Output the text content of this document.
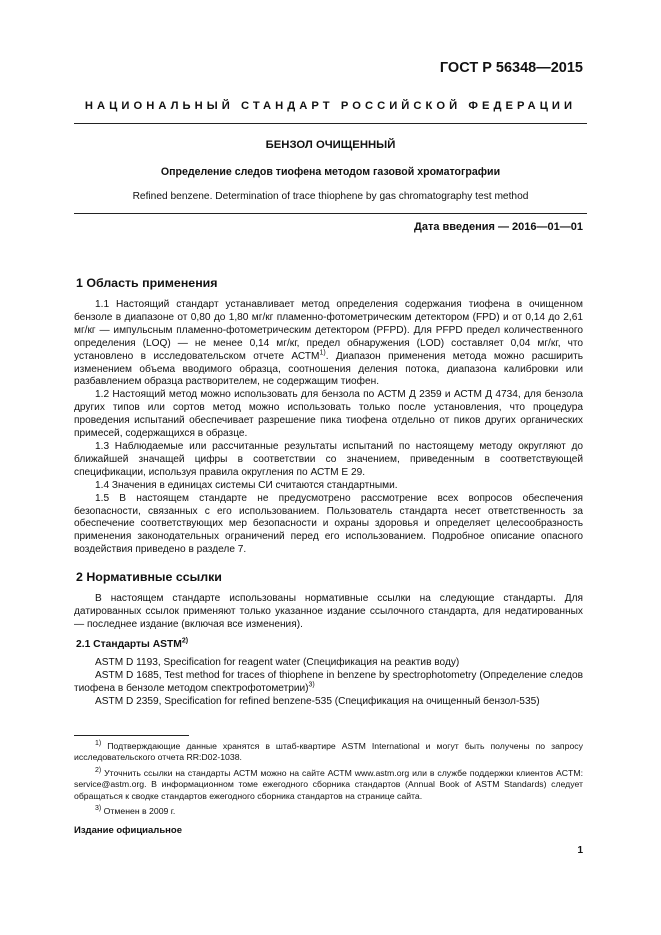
ГОСТ Р 56348—2015
НАЦИОНАЛЬНЫЙ СТАНДАРТ РОССИЙСКОЙ ФЕДЕРАЦИИ
БЕНЗОЛ ОЧИЩЕННЫЙ
Определение следов тиофена методом газовой хроматографии
Refined benzene. Determination of trace thiophene by gas chromatography test method
Дата введения — 2016—01—01
1 Область применения

1.1 Настоящий стандарт устанавливает метод определения содержания тиофена в очищенном бензоле в диапазоне от 0,80 до 1,80 мг/кг пламенно-фотометрическим детектором (FPD) и от 0,14 до 2,61 мг/кг — импульсным пламенно-фотометрическим детектором (PFPD). Для PFPD предел количественного определения (LOQ) — не менее 0,14 мг/кг, предел обнаружения (LOD) составляет 0,04 мг/кг, что установлено в исследовательском отчете АСТМ$^{1)}$. Диапазон применения метода можно расширить изменением объема вводимого образца, соотношения деления потока, диапазона калибровки или разбавлением образца растворителем, не содержащим тиофен.

1.2 Настоящий метод можно использовать для бензола по АСТМ Д 2359 и АСТМ Д 4734, для бензола других типов или сортов метод можно использовать только после установления, что процедура проведения испытаний обеспечивает разрешение пика тиофена отдельно от пиков других органических примесей, содержащихся в образце.

1.3 Наблюдаемые или рассчитанные результаты испытаний по настоящему методу округляют до ближайшей значащей цифры в соответствии со значением, приведенным в соответствующей спецификации, используя правила округления по АСТМ Е 29.

1.4 Значения в единицах системы СИ считаются стандартными.

1.5 В настоящем стандарте не предусмотрено рассмотрение всех вопросов обеспечения безопасности, связанных с его использованием. Пользователь стандарта несет ответственность за обеспечение соответствующих мер безопасности и охраны здоровья и определяет целесообразность применения законодательных ограничений перед его использованием. Подробное описание опасного воздействия приведено в разделе 7.

2 Нормативные ссылки

В настоящем стандарте использованы нормативные ссылки на следующие стандарты. Для датированных ссылок применяют только указанное издание ссылочного стандарта, для недатированных — последнее издание (включая все изменения).

2.1 Стандарты ASTM$^{2)}$

ASTM D 1193, Specification for reagent water (Спецификация на реактив воду)

ASTM D 1685, Test method for traces of thiophene in benzene by spectrophotometry (Определение следов тиофена в бензоле методом спектрофотометрии)$^{3)}$

ASTM D 2359, Specification for refined benzene-535 (Спецификация на очищенный бензол-535)

$^{1)}$ Подтверждающие данные хранятся в штаб-квартире ASTM International и могут быть получены по запросу исследовательского отчета RR:D02-1038.

$^{2)}$ Уточнить ссылки на стандарты АСТМ можно на сайте АСТМ www.astm.org или в службе поддержки клиентов ACTM: service@astm.org. В информационном томе ежегодного сборника стандартов (Annual Book of ASTM Standards) следует обращаться к сводке стандартов ежегодного сборника стандартов на странице сайта.

$^{3)}$ Отменен в 2009 г.

Издание официальное
1
